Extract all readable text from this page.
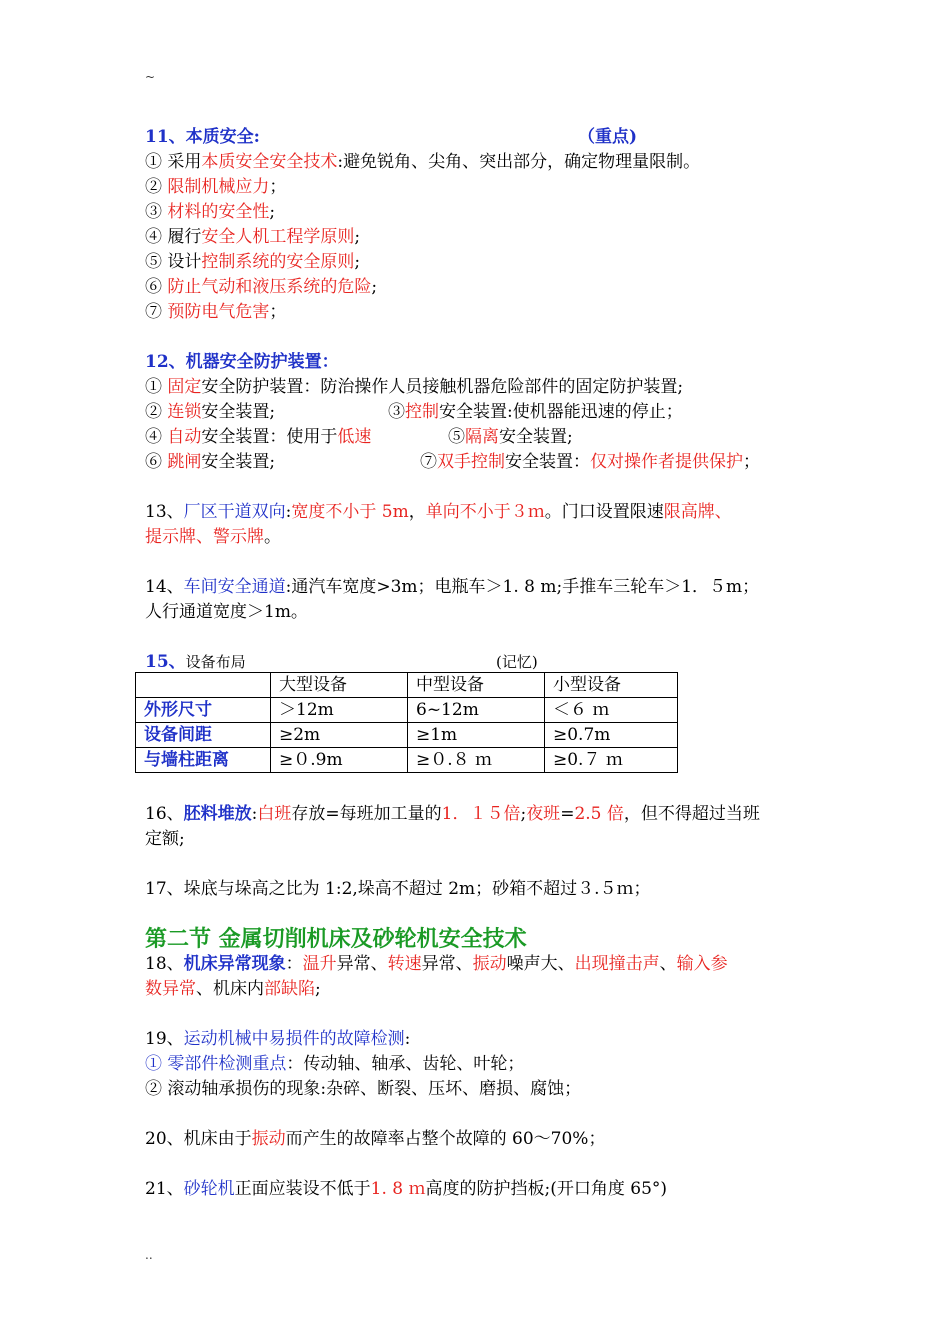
~
11、本质安全:	（重点)
① 采用本质安全安全技术:避免锐角、尖角、突出部分，确定物理量限制。
② 限制机械应力；
③ 材料的安全性;
④ 履行安全人机工程学原则;
⑤ 设计控制系统的安全原则;
⑥ 防止气动和液压系统的危险;
⑦ 预防电气危害；
12、机器安全防护装置：
① 固定安全防护装置：防治操作人员接触机器危险部件的固定防护装置;
② 连锁安全装置;	③控制安全装置:使机器能迅速的停止；
④ 自动安全装置：使用于低速	⑤隔离安全装置;
⑥ 跳闸安全装置;	⑦双手控制安全装置：仅对操作者提供保护；
13、厂区干道双向:宽度不小于 5m，单向不小于３ｍ。门口设置限速限高牌、
提示牌、警示牌。
14、车间安全通道:通汽车宽度>3m；电瓶车＞1. 8 m;手推车三轮车＞1．５m；
人行通道宽度＞1m。
15、设备布局	(记忆)
	大型设备	中型设备	小型设备
外形尺寸	＞12m	6~12m	＜６ ｍ
设备间距	≥2m	≥1m	≥0.7m
与墙柱距离	≥０.9m	≥０.８ ｍ	≥0.７ ｍ
16、胚料堆放:白班存放=每班加工量的1．１５倍;夜班=2.5 倍，但不得超过当班
定额;
17、垛底与垛高之比为 1:2,垛高不超过 2m；砂箱不超过３.５ｍ；
第二节 金属切削机床及砂轮机安全技术
18、机床异常现象：温升异常、转速异常、振动噪声大、出现撞击声、输入参
数异常、机床内部缺陷;
19、运动机械中易损件的故障检测:
① 零部件检测重点：传动轴、轴承、齿轮、叶轮；
② 滚动轴承损伤的现象:杂碎、断裂、压坏、磨损、腐蚀；
20、机床由于振动而产生的故障率占整个故障的 60～70%；
21、砂轮机正面应装设不低于1. 8 ｍ高度的防护挡板;(开口角度 65°)
..
